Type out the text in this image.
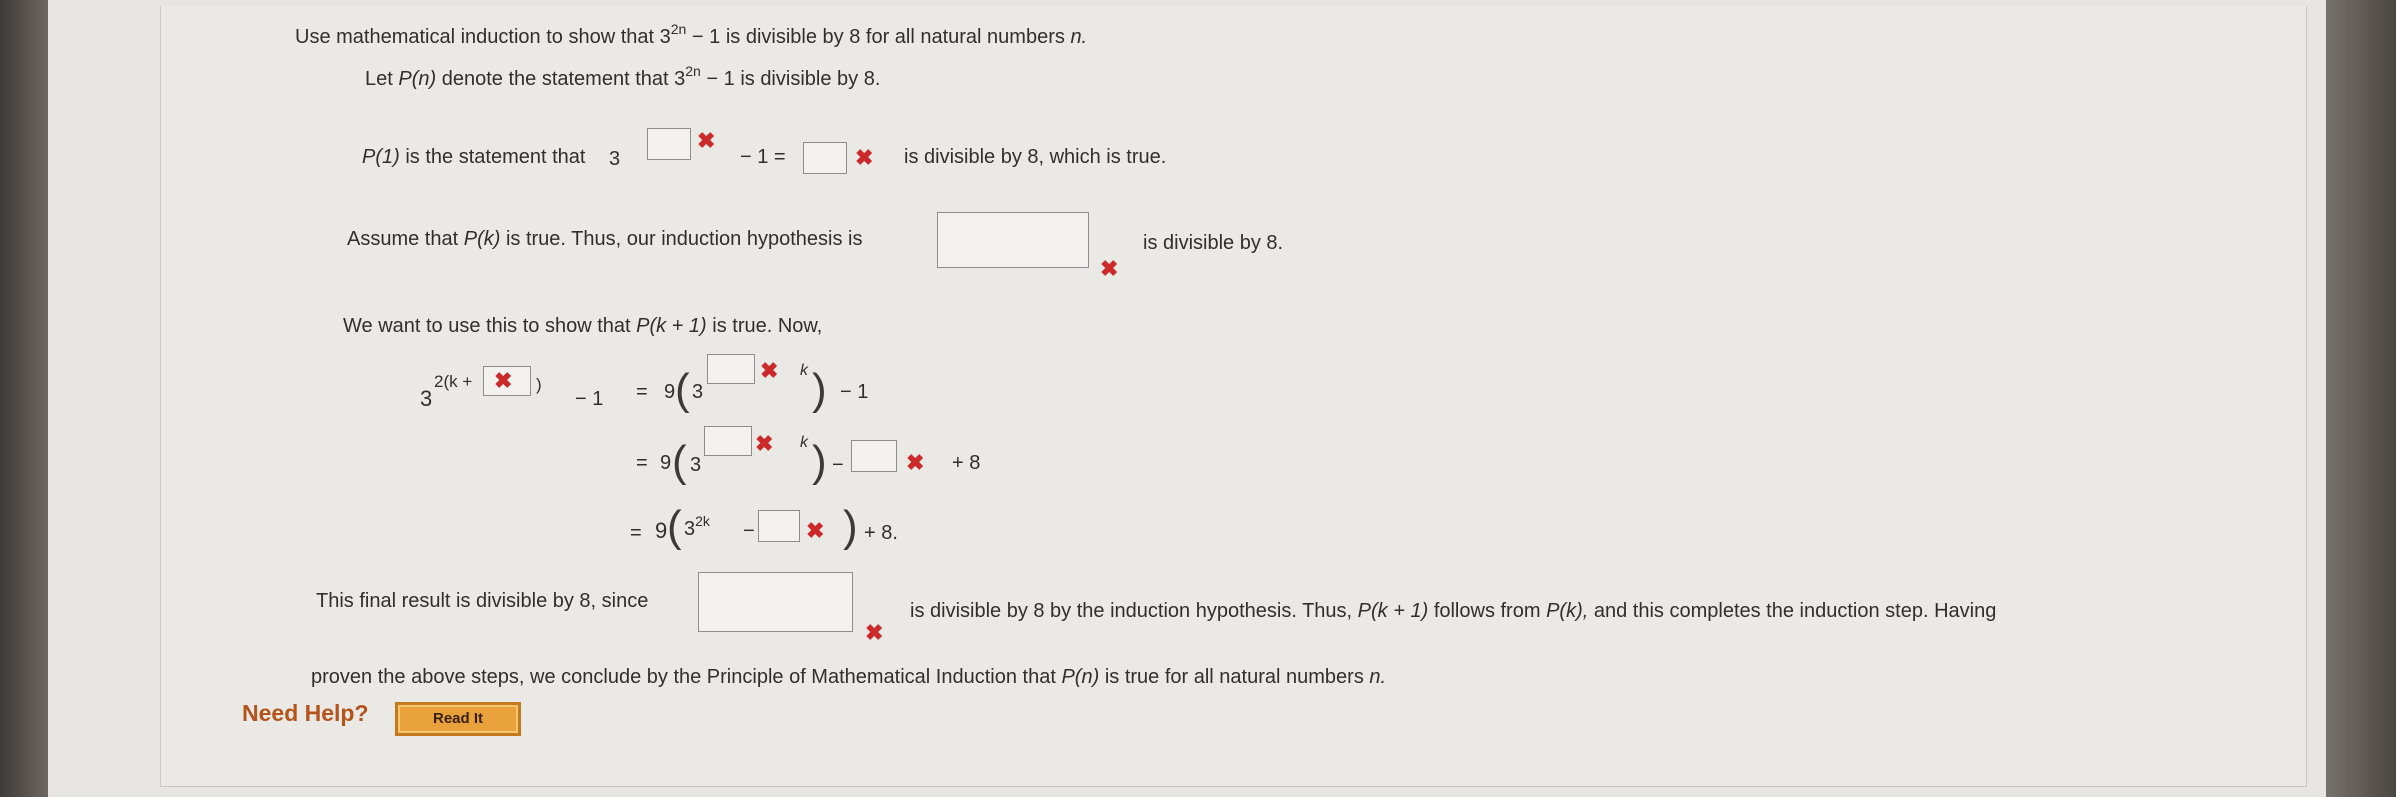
Use mathematical induction to show that $3^{2n} - 1$ is divisible by 8 for all natural numbers n.
Let P(n) denote the statement that $3^{2n} - 1$ is divisible by 8.
P(1) is the statement that 3
✖
− 1 =	✖ is divisible by 8, which is true.
Assume that P(k) is true. Thus, our induction hypothesis is
✖
is divisible by 8.
We want to use this to show that P(k + 1) is true. Now,
3
2(k + ✖ )
− 1 = 9 ( 3
✖ k ) − 1
= 9 ( 3
✖ k ) −	✖ + 8
= 9 ( $3^{2k}$ − ✖ ) + 8.
This final result is divisible by 8, since
✖
is divisible by 8 by the induction hypothesis. Thus, P(k + 1) follows from P(k), and this completes the induction step. Having
proven the above steps, we conclude by the Principle of Mathematical Induction that P(n) is true for all natural numbers n.
Need Help?	Read It
